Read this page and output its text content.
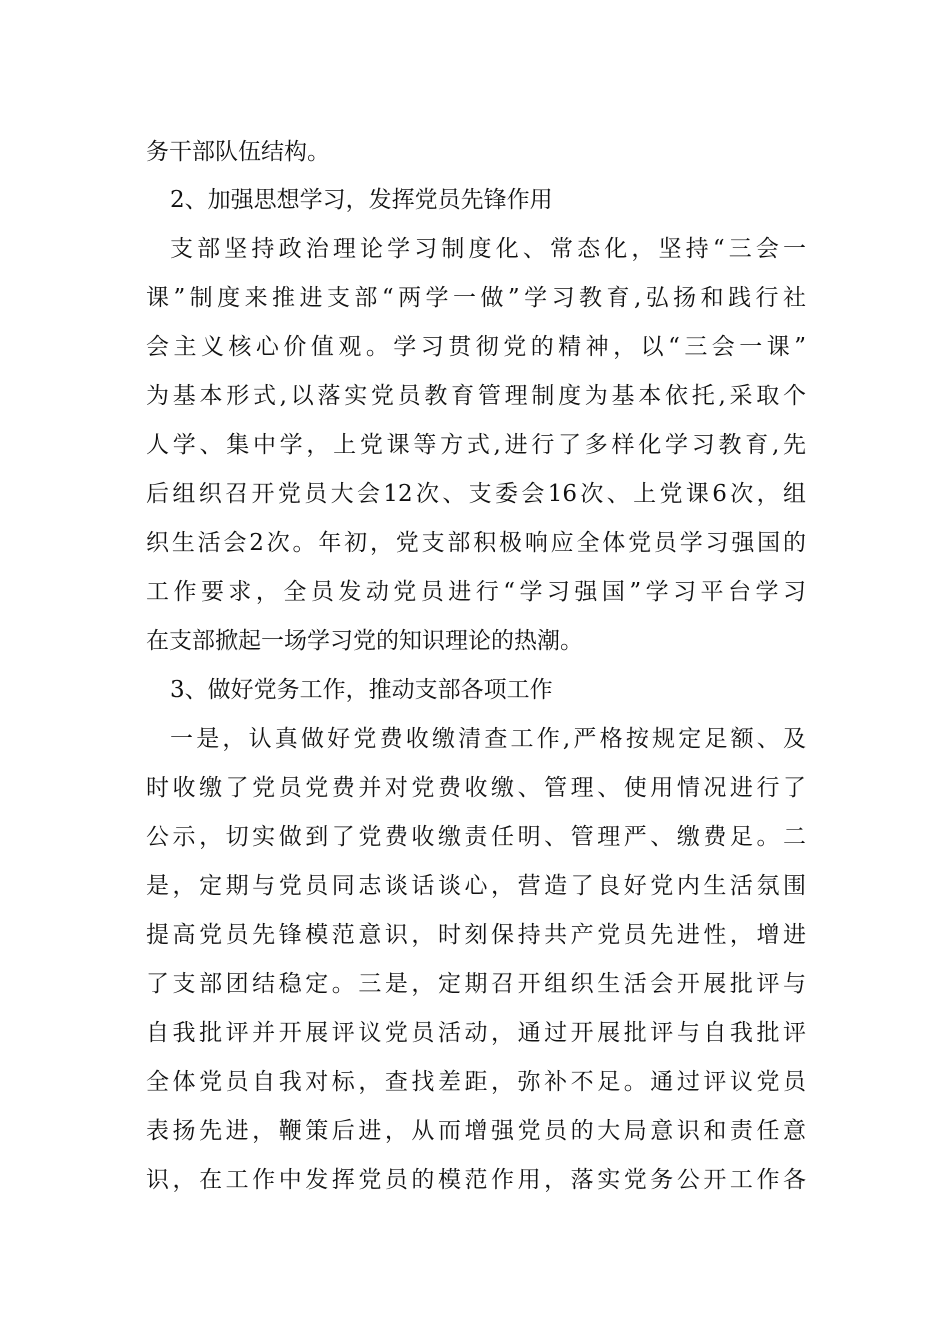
务干部队伍结构。
2、加强思想学习，发挥党员先锋作用
支部坚持政治理论学习制度化、常态化，坚持“三会一
课”制度来推进支部“两学一做”学习教育,弘扬和践行社
会主义核心价值观。学习贯彻党的精神，以“三会一课”
为基本形式,以落实党员教育管理制度为基本依托,采取个
人学、集中学，上党课等方式,进行了多样化学习教育,先
后组织召开党员大会12次、支委会16次、上党课6次，组
织生活会2次。年初，党支部积极响应全体党员学习强国的
工作要求，全员发动党员进行“学习强国”学习平台学习
在支部掀起一场学习党的知识理论的热潮。
3、做好党务工作，推动支部各项工作
一是，认真做好党费收缴清查工作,严格按规定足额、及
时收缴了党员党费并对党费收缴、管理、使用情况进行了
公示，切实做到了党费收缴责任明、管理严、缴费足。二
是，定期与党员同志谈话谈心，营造了良好党内生活氛围
提高党员先锋模范意识，时刻保持共产党员先进性，增进
了支部团结稳定。三是，定期召开组织生活会开展批评与
自我批评并开展评议党员活动，通过开展批评与自我批评
全体党员自我对标，查找差距，弥补不足。通过评议党员
表扬先进，鞭策后进，从而增强党员的大局意识和责任意
识，在工作中发挥党员的模范作用，落实党务公开工作各
